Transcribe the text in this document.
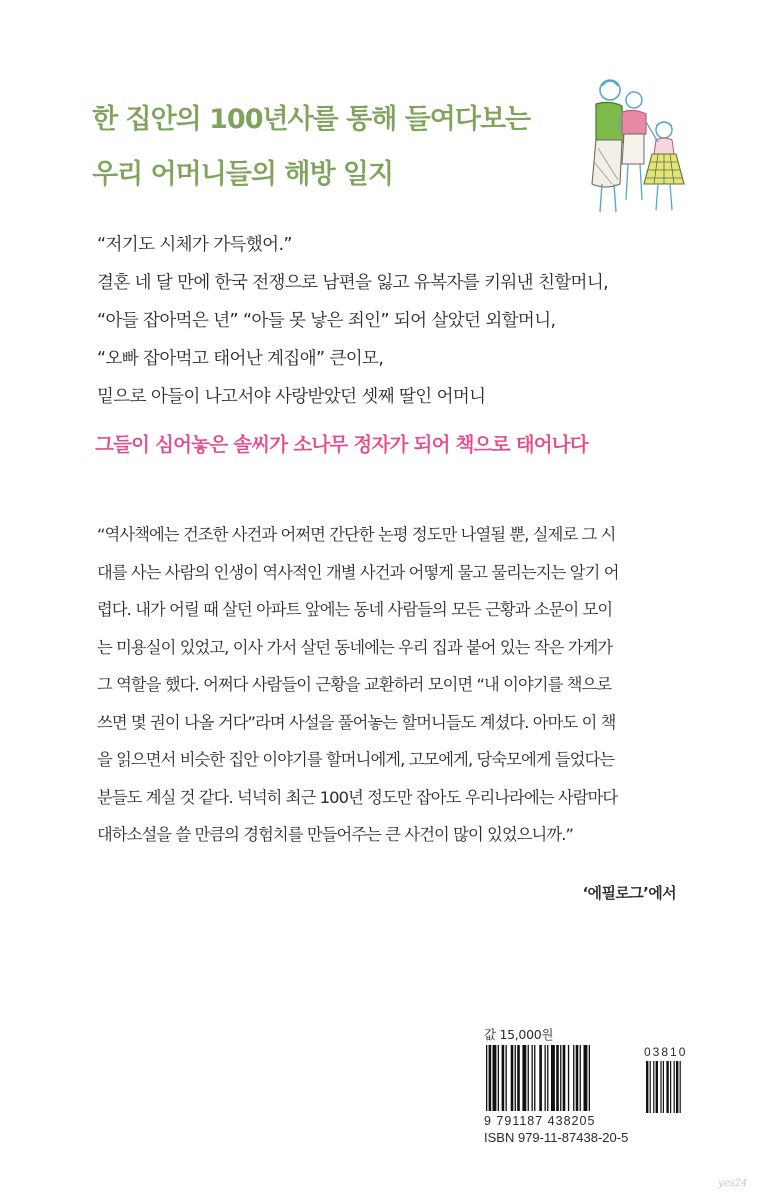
한 집안의 100년사를 통해 들여다보는
우리 어머니들의 해방 일지
“저기도 시체가 가득했어.”
결혼 네 달 만에 한국 전쟁으로 남편을 잃고 유복자를 키워낸 친할머니,
“아들 잡아먹은 년” “아들 못 낳은 죄인” 되어 살았던 외할머니,
“오빠 잡아먹고 태어난 계집애” 큰이모,
밑으로 아들이 나고서야 사랑받았던 셋째 딸인 어머니
그들이 심어놓은 솔씨가 소나무 정자가 되어 책으로 태어나다
“역사책에는 건조한 사건과 어쩌면 간단한 논평 정도만 나열될 뿐, 실제로 그 시
대를 사는 사람의 인생이 역사적인 개별 사건과 어떻게 물고 물리는지는 알기 어
렵다. 내가 어릴 때 살던 아파트 앞에는 동네 사람들의 모든 근황과 소문이 모이
는 미용실이 있었고, 이사 가서 살던 동네에는 우리 집과 붙어 있는 작은 가게가
그 역할을 했다. 어쩌다 사람들이 근황을 교환하러 모이면 “내 이야기를 책으로
쓰면 몇 권이 나올 거다”라며 사설을 풀어놓는 할머니들도 계셨다. 아마도 이 책
을 읽으면서 비슷한 집안 이야기를 할머니에게, 고모에게, 당숙모에게 들었다는
분들도 계실 것 같다. 넉넉히 최근 100년 정도만 잡아도 우리나라에는 사람마다
대하소설을 쓸 만큼의 경험치를 만들어주는 큰 사건이 많이 있었으니까.”
‘에필로그’에서
값 15,000원
03810
9 791187 438205
ISBN 979-11-87438-20-5
yes24
